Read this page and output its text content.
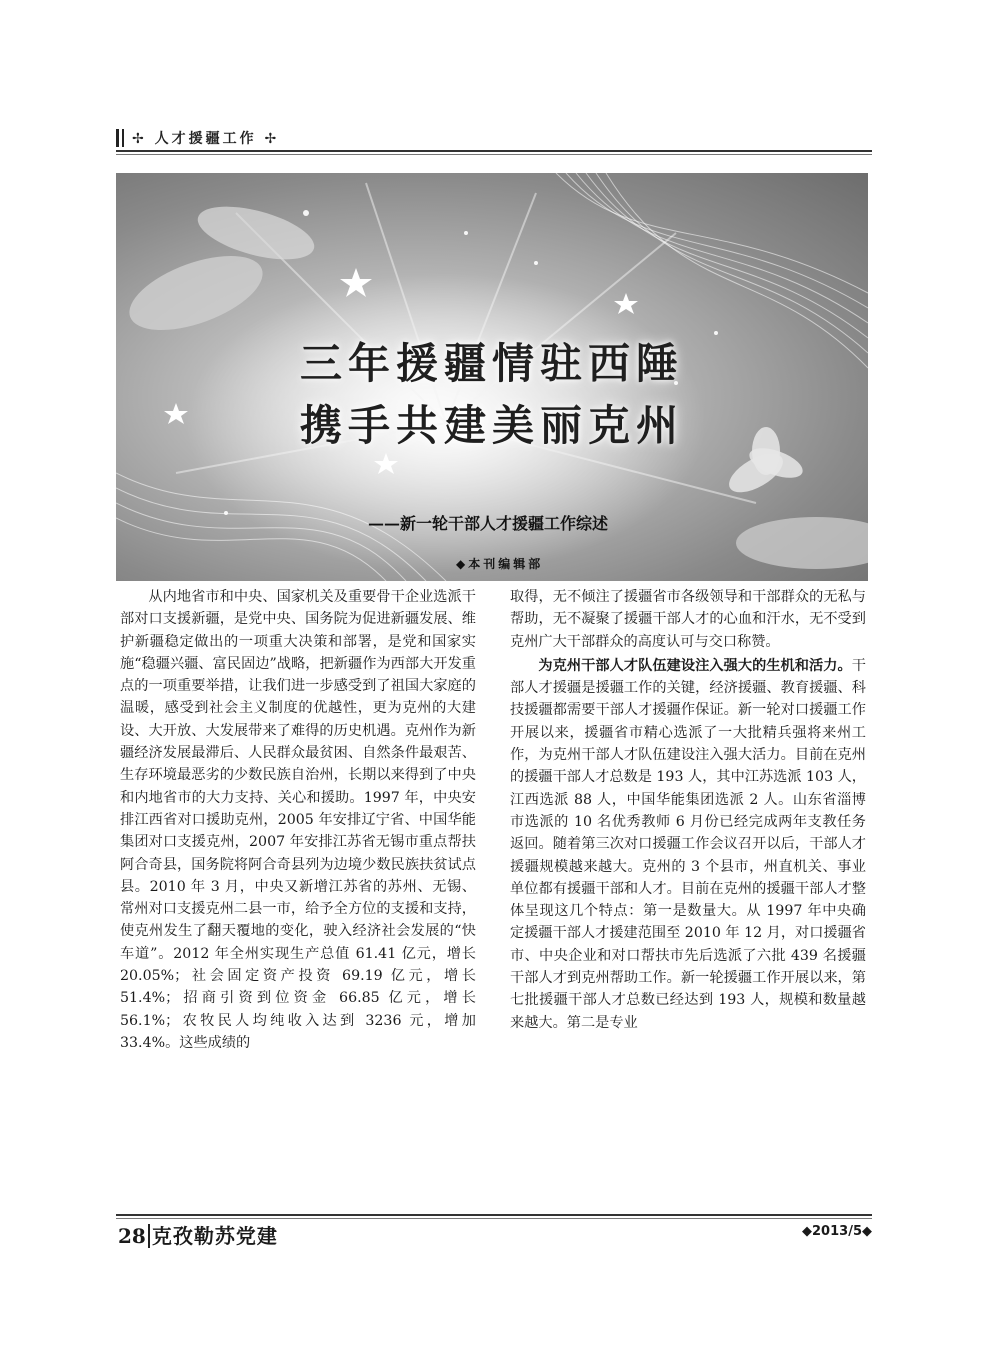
✢ 人才援疆工作 ✢
三年援疆情驻西陲
携手共建美丽克州
——新一轮干部人才援疆工作综述
◆本刊编辑部

从内地省市和中央、国家机关及重要骨干企业选派干部对口支援新疆，是党中央、国务院为促进新疆发展、维护新疆稳定做出的一项重大决策和部署，是党和国家实施“稳疆兴疆、富民固边”战略，把新疆作为西部大开发重点的一项重要举措，让我们进一步感受到了祖国大家庭的温暖，感受到社会主义制度的优越性，更为克州的大建设、大开放、大发展带来了难得的历史机遇。克州作为新疆经济发展最滞后、人民群众最贫困、自然条件最艰苦、生存环境最恶劣的少数民族自治州，长期以来得到了中央和内地省市的大力支持、关心和援助。1997 年，中央安排江西省对口援助克州，2005 年安排辽宁省、中国华能集团对口支援克州，2007 年安排江苏省无锡市重点帮扶阿合奇县，国务院将阿合奇县列为边境少数民族扶贫试点县。2010 年 3 月，中央又新增江苏省的苏州、无锡、常州对口支援克州二县一市，给予全方位的支援和支持，使克州发生了翻天覆地的变化，驶入经济社会发展的“快车道”。2012 年全州实现生产总值 61.41 亿元，增长 20.05%；社会固定资产投资 69.19 亿元，增长 51.4%；招商引资到位资金 66.85 亿元，增长 56.1%；农牧民人均纯收入达到 3236 元，增加 33.4%。这些成绩的

取得，无不倾注了援疆省市各级领导和干部群众的无私与帮助，无不凝聚了援疆干部人才的心血和汗水，无不受到克州广大干部群众的高度认可与交口称赞。

为克州干部人才队伍建设注入强大的生机和活力。干部人才援疆是援疆工作的关键，经济援疆、教育援疆、科技援疆都需要干部人才援疆作保证。新一轮对口援疆工作开展以来，援疆省市精心选派了一大批精兵强将来州工作，为克州干部人才队伍建设注入强大活力。目前在克州的援疆干部人才总数是 193 人，其中江苏选派 103 人，江西选派 88 人，中国华能集团选派 2 人。山东省淄博市选派的 10 名优秀教师 6 月份已经完成两年支教任务返回。随着第三次对口援疆工作会议召开以后，干部人才援疆规模越来越大。克州的 3 个县市，州直机关、事业单位都有援疆干部和人才。目前在克州的援疆干部人才整体呈现这几个特点：第一是数量大。从 1997 年中央确定援疆干部人才援建范围至 2010 年 12 月，对口援疆省市、中央企业和对口帮扶市先后选派了六批 439 名援疆干部人才到克州帮助工作。新一轮援疆工作开展以来，第七批援疆干部人才总数已经达到 193 人，规模和数量越来越大。第二是专业

28 克孜勒苏党建	◆2013/5◆
